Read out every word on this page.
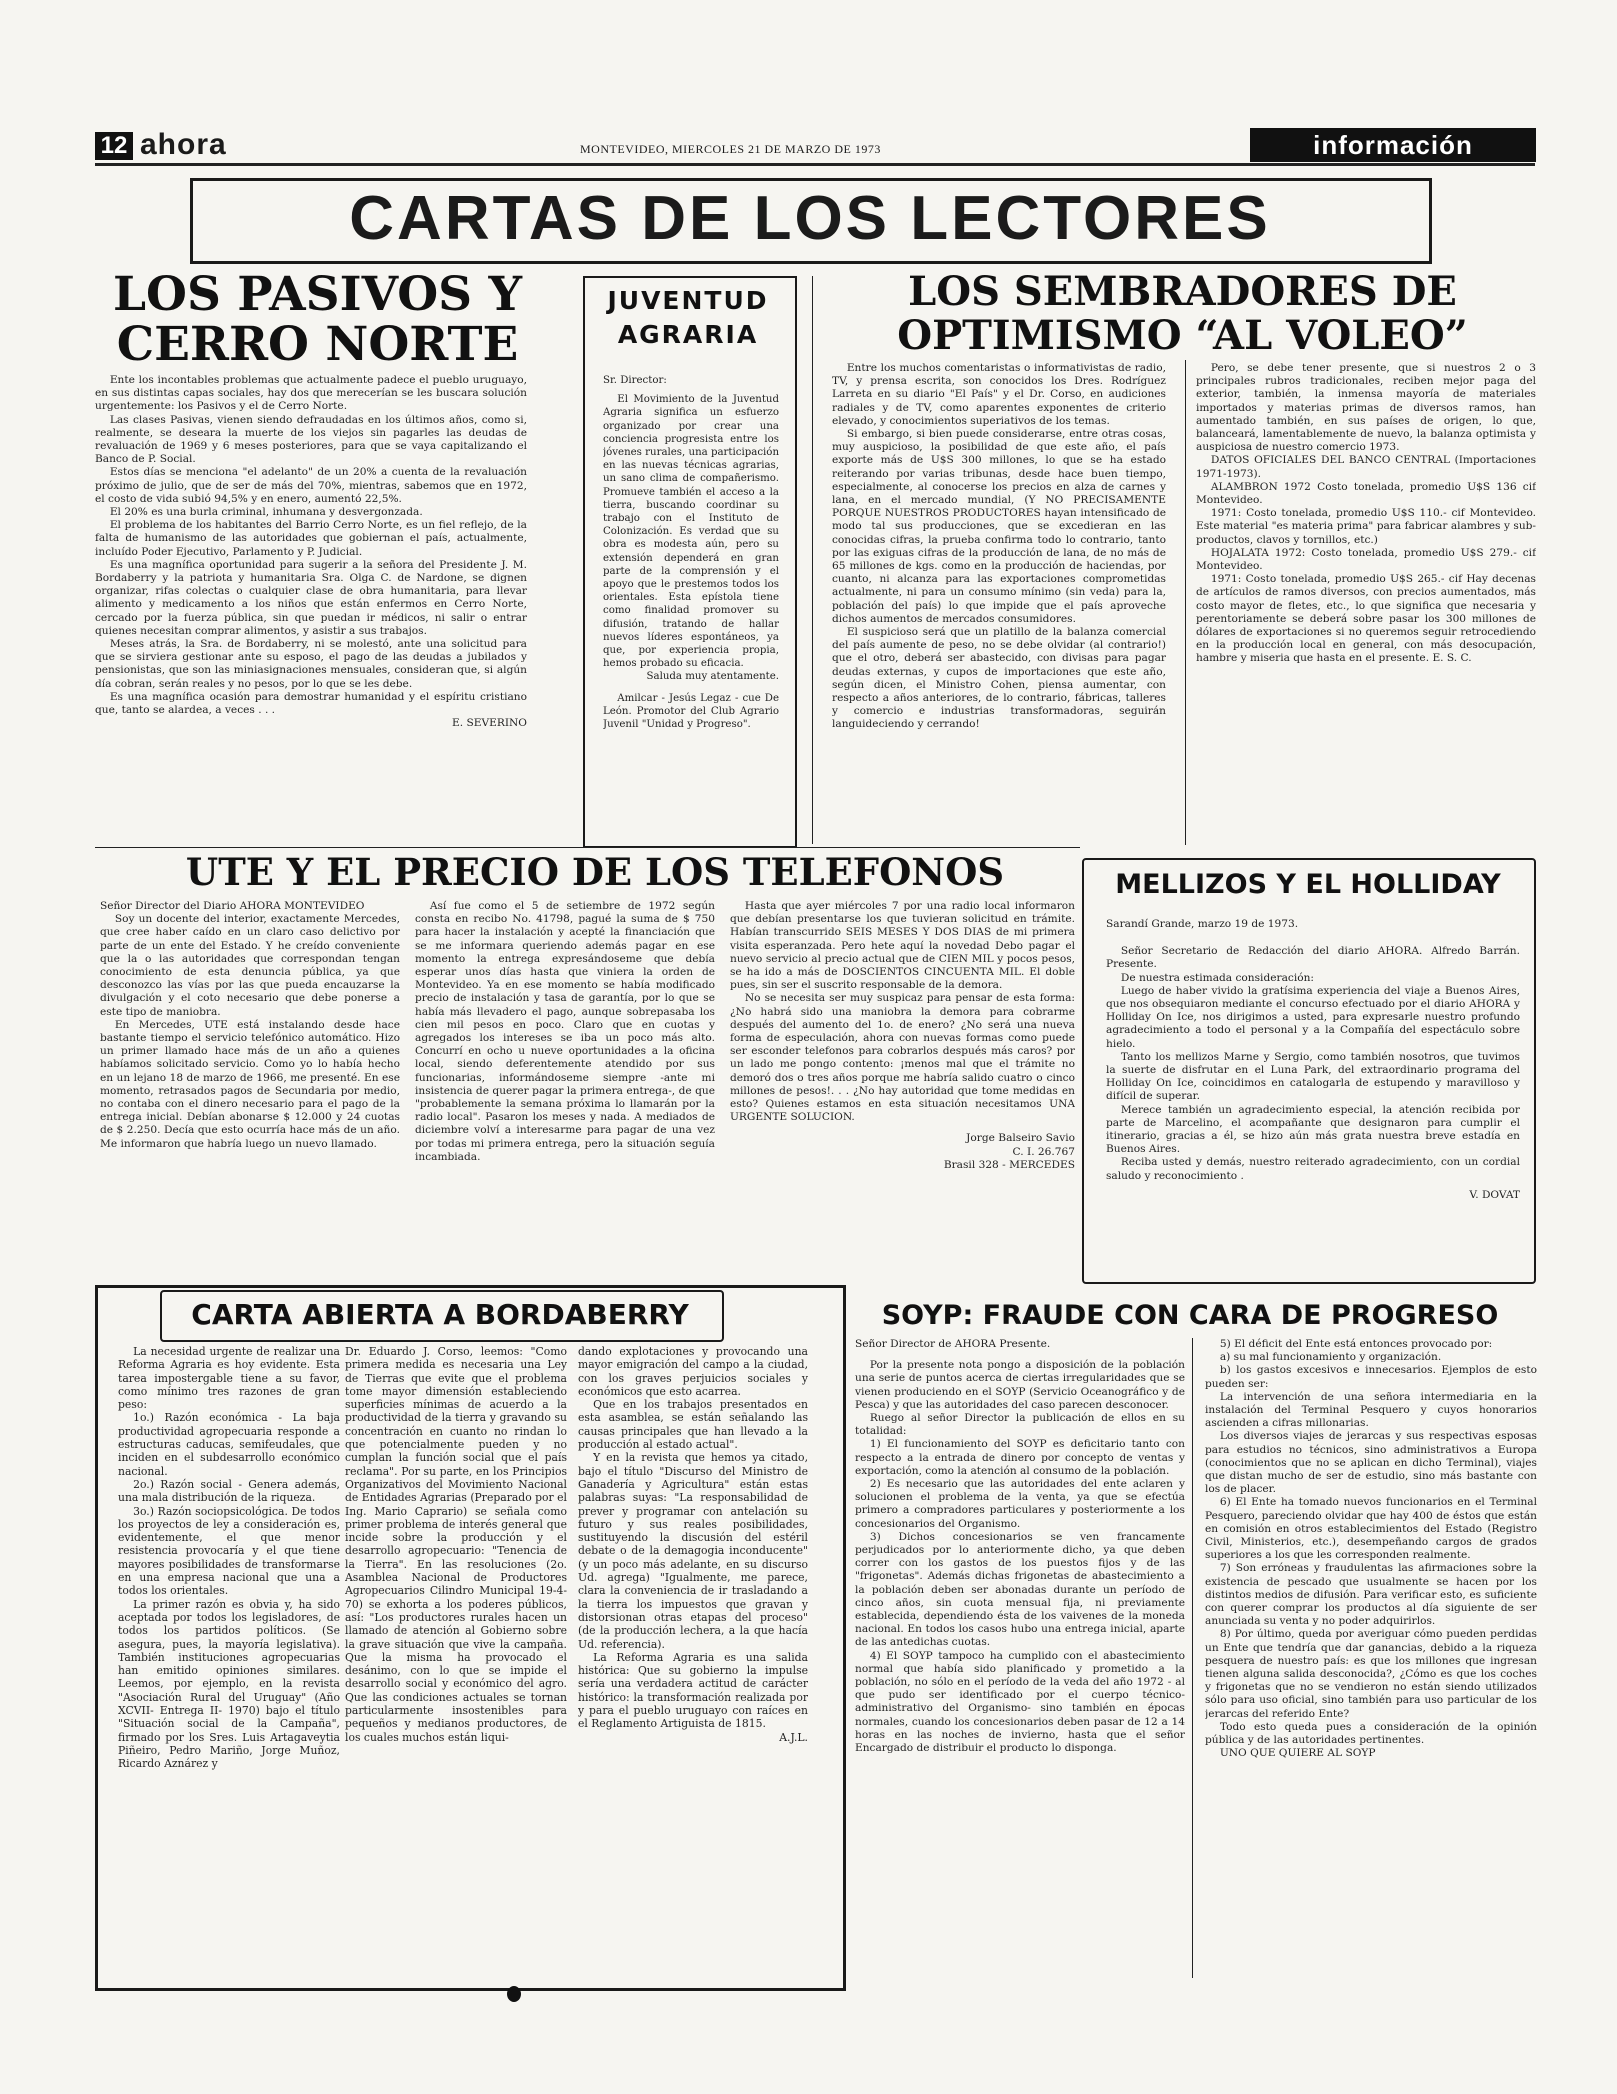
12 ahora	MONTEVIDEO, MIERCOLES 21 DE MARZO DE 1973	información
CARTAS DE LOS LECTORES
LOS PASIVOS Y CERRO NORTE

Ente los incontables problemas que actualmente padece el pueblo uruguayo, en sus distintas capas sociales, hay dos que merecerían se les buscara solución urgentemente: los Pasivos y el de Cerro Norte.

Las clases Pasivas, vienen siendo defraudadas en los últimos años, como si, realmente, se deseara la muerte de los viejos sin pagarles las deudas de revaluación de 1969 y 6 meses posteriores, para que se vaya capitalizando el Banco de P. Social.

Estos días se menciona "el adelanto" de un 20% a cuenta de la revaluación próximo de julio, que de ser de más del 70%, mientras, sabemos que en 1972, el costo de vida subió 94,5% y en enero, aumentó 22,5%.

El 20% es una burla criminal, inhumana y desvergonzada.

El problema de los habitantes del Barrio Cerro Norte, es un fiel reflejo, de la falta de humanismo de las autoridades que gobiernan el país, actualmente, incluído Poder Ejecutivo, Parlamento y P. Judicial.

Es una magnífica oportunidad para sugerir a la señora del Presidente J. M. Bordaberry y la patriota y humanitaria Sra. Olga C. de Nardone, se dignen organizar, rifas colectas o cualquier clase de obra humanitaria, para llevar alimento y medicamento a los niños que están enfermos en Cerro Norte, cercado por la fuerza pública, sin que puedan ir médicos, ni salir o entrar quienes necesitan comprar alimentos, y asistir a sus trabajos.

Meses atrás, la Sra. de Bordaberry, ni se molestó, ante una solicitud para que se sirviera gestionar ante su esposo, el pago de las deudas a jubilados y pensionistas, que son las miniasignaciones mensuales, consideran que, si algún día cobran, serán reales y no pesos, por lo que se les debe.

Es una magnífica ocasión para demostrar humanidad y el espíritu cristiano que, tanto se alardea, a veces . . .

E. SEVERINO

JUVENTUD AGRARIA

Sr. Director:

El Movimiento de la Juventud Agraria significa un esfuerzo organizado por crear una conciencia progresista entre los jóvenes rurales, una participación en las nuevas técnicas agrarias, un sano clima de compañerismo. Promueve también el acceso a la tierra, buscando coordinar su trabajo con el Instituto de Colonización. Es verdad que su obra es modesta aún, pero su extensión dependerá en gran parte de la comprensión y el apoyo que le prestemos todos los orientales. Esta epístola tiene como finalidad promover su difusión, tratando de hallar nuevos líderes espontáneos, ya que, por experiencia propia, hemos probado su eficacia.

Saluda muy atentamente.

Amilcar - Jesús Legaz - cue De León. Promotor del Club Agrario Juvenil "Unidad y Progreso".

LOS SEMBRADORES DE OPTIMISMO “AL VOLEO”

Entre los muchos comentaristas o informativistas de radio, TV, y prensa escrita, son conocidos los Dres. Rodríguez Larreta en su diario "El País" y el Dr. Corso, en audiciones radiales y de TV, como aparentes exponentes de criterio elevado, y conocimientos superiativos de los temas.

Si embargo, si bien puede considerarse, entre otras cosas, muy auspicioso, la posibilidad de que este año, el país exporte más de U$S 300 millones, lo que se ha estado reiterando por varias tribunas, desde hace buen tiempo, especialmente, al conocerse los precios en alza de carnes y lana, en el mercado mundial, (Y NO PRECISAMENTE PORQUE NUESTROS PRODUCTORES hayan intensificado de modo tal sus producciones, que se excedieran en las conocidas cifras, la prueba confirma todo lo contrario, tanto por las exiguas cifras de la producción de lana, de no más de 65 millones de kgs. como en la producción de haciendas, por cuanto, ni alcanza para las exportaciones comprometidas actualmente, ni para un consumo mínimo (sin veda) para la, población del país) lo que impide que el país aproveche dichos aumentos de mercados consumidores.

El suspicioso será que un platillo de la balanza comercial del país aumente de peso, no se debe olvidar (al contrario!) que el otro, deberá ser abastecido, con divisas para pagar deudas externas, y cupos de importaciones que este año, según dicen, el Ministro Cohen, piensa aumentar, con respecto a años anteriores, de lo contrario, fábricas, talleres y comercio e industrias transformadoras, seguirán languideciendo y cerrando!

Pero, se debe tener presente, que si nuestros 2 o 3 principales rubros tradicionales, reciben mejor paga del exterior, también, la inmensa mayoría de materiales importados y materias primas de diversos ramos, han aumentado también, en sus países de origen, lo que, balanceará, lamentablemente de nuevo, la balanza optimista y auspiciosa de nuestro comercio 1973.

DATOS OFICIALES DEL BANCO CENTRAL (Importaciones 1971-1973).

ALAMBRON 1972 Costo tonelada, promedio U$S 136 cif Montevideo.

1971: Costo tonelada, promedio U$S 110.- cif Montevideo. Este material "es materia prima" para fabricar alambres y sub-productos, clavos y tornillos, etc.)

HOJALATA 1972: Costo tonelada, promedio U$S 279.- cif Montevideo.

1971: Costo tonelada, promedio U$S 265.- cif Hay decenas de artículos de ramos diversos, con precios aumentados, más costo mayor de fletes, etc., lo que significa que necesaria y perentoriamente se deberá sobre pasar los 300 millones de dólares de exportaciones si no queremos seguir retrocediendo en la producción local en general, con más desocupación, hambre y miseria que hasta en el presente. E. S. C.

UTE Y EL PRECIO DE LOS TELEFONOS

Señor Director del Diario AHORA MONTEVIDEO

Soy un docente del interior, exactamente Mercedes, que cree haber caído en un claro caso delictivo por parte de un ente del Estado. Y he creído conveniente que la o las autoridades que correspondan tengan conocimiento de esta denuncia pública, ya que desconozco las vías por las que pueda encauzarse la divulgación y el coto necesario que debe ponerse a este tipo de maniobra.

En Mercedes, UTE está instalando desde hace bastante tiempo el servicio telefónico automático. Hizo un primer llamado hace más de un año a quienes habíamos solicitado servicio. Como yo lo había hecho en un lejano 18 de marzo de 1966, me presenté. En ese momento, retrasados pagos de Secundaria por medio, no contaba con el dinero necesario para el pago de la entrega inicial. Debían abonarse $ 12.000 y 24 cuotas de $ 2.250. Decía que esto ocurría hace más de un año. Me informaron que habría luego un nuevo llamado.

Así fue como el 5 de setiembre de 1972 según consta en recibo No. 41798, pagué la suma de $ 750 para hacer la instalación y acepté la financiación que se me informara queriendo además pagar en ese momento la entrega expresándoseme que debía esperar unos días hasta que viniera la orden de Montevideo. Ya en ese momento se había modificado precio de instalación y tasa de garantía, por lo que se había más llevadero el pago, aunque sobrepasaba los cien mil pesos en poco. Claro que en cuotas y agregados los intereses se iba un poco más alto. Concurrí en ocho u nueve oportunidades a la oficina local, siendo deferentemente atendido por sus funcionarias, informándoseme siempre -ante mi insistencia de querer pagar la primera entrega-, de que "probablemente la semana próxima lo llamarán por la radio local". Pasaron los meses y nada. A mediados de diciembre volví a interesarme para pagar de una vez por todas mi primera entrega, pero la situación seguía incambiada.

Hasta que ayer miércoles 7 por una radio local informaron que debían presentarse los que tuvieran solicitud en trámite. Habían transcurrido SEIS MESES Y DOS DIAS de mi primera visita esperanzada. Pero hete aquí la novedad Debo pagar el nuevo servicio al precio actual que de CIEN MIL y pocos pesos, se ha ido a más de DOSCIENTOS CINCUENTA MIL. El doble pues, sin ser el suscrito responsable de la demora.

No se necesita ser muy suspicaz para pensar de esta forma: ¿No habrá sido una maniobra la demora para cobrarme después del aumento del 1o. de enero? ¿No será una nueva forma de especulación, ahora con nuevas formas como puede ser esconder telefonos para cobrarlos después más caros? por un lado me pongo contento: ¡menos mal que el trámite no demoró dos o tres años porque me habría salido cuatro o cinco millones de pesos!. . . ¿No hay autoridad que tome medidas en esto? Quienes estamos en esta situación necesitamos UNA URGENTE SOLUCION.

Jorge Balseiro Savio

C. I. 26.767

Brasil 328 - MERCEDES

MELLIZOS Y EL HOLLIDAY

Sarandí Grande, marzo 19 de 1973.

Señor Secretario de Redacción del diario AHORA. Alfredo Barrán. Presente.

De nuestra estimada consideración:

Luego de haber vivido la gratísima experiencia del viaje a Buenos Aires, que nos obsequiaron mediante el concurso efectuado por el diario AHORA y Holliday On Ice, nos dirigimos a usted, para expresarle nuestro profundo agradecimiento a todo el personal y a la Compañía del espectáculo sobre hielo.

Tanto los mellizos Marne y Sergio, como también nosotros, que tuvimos la suerte de disfrutar en el Luna Park, del extraordinario programa del Holliday On Ice, coincidimos en catalogarla de estupendo y maravilloso y difícil de superar.

Merece también un agradecimiento especial, la atención recibida por parte de Marcelino, el acompañante que designaron para cumplir el itinerario, gracias a él, se hizo aún más grata nuestra breve estadía en Buenos Aires.

Reciba usted y demás, nuestro reiterado agradecimiento, con un cordial saludo y reconocimiento .

V. DOVAT

CARTA ABIERTA A BORDABERRY

La necesidad urgente de realizar una Reforma Agraria es hoy evidente. Esta tarea impostergable tiene a su favor, como mínimo tres razones de gran peso:

1o.) Razón económica - La baja productividad agropecuaria responde a estructuras caducas, semifeudales, que inciden en el subdesarrollo económico nacional.

2o.) Razón social - Genera además, una mala distribución de la riqueza.

3o.) Razón sociopsicológica. De todos los proyectos de ley a consideración es, evidentemente, el que menor resistencia provocaría y el que tiene mayores posibilidades de transformarse en una empresa nacional que una a todos los orientales.

La primer razón es obvia y, ha sido aceptada por todos los legisladores, de todos los partidos políticos. (Se asegura, pues, la mayoría legislativa). También instituciones agropecuarias han emitido opiniones similares. Leemos, por ejemplo, en la revista "Asociación Rural del Uruguay" (Año XCVII- Entrega II- 1970) bajo el título "Situación social de la Campaña", firmado por los Sres. Luis Artagaveytia Piñeiro, Pedro Mariño, Jorge Muñoz, Ricardo Aznárez y

Dr. Eduardo J. Corso, leemos: "Como primera medida es necesaria una Ley de Tierras que evite que el problema tome mayor dimensión estableciendo superficies mínimas de acuerdo a la productividad de la tierra y gravando su concentración en cuanto no rindan lo que potencialmente pueden y no cumplan la función social que el país reclama". Por su parte, en los Principios Organizativos del Movimiento Nacional de Entidades Agrarias (Preparado por el Ing. Mario Caprario) se señala como primer problema de interés general que incide sobre la producción y el desarrollo agropecuario: "Tenencia de la Tierra". En las resoluciones (2o. Asamblea Nacional de Productores Agropecuarios Cilindro Municipal 19-4-70) se exhorta a los poderes públicos, así: "Los productores rurales hacen un llamado de atención al Gobierno sobre la grave situación que vive la campaña. Que la misma ha provocado el desánimo, con lo que se impide el desarrollo social y económico del agro. Que las condiciones actuales se tornan particularmente insostenibles para pequeños y medianos productores, de los cuales muchos están liqui-

dando explotaciones y provocando una mayor emigración del campo a la ciudad, con los graves perjuicios sociales y económicos que esto acarrea.

Que en los trabajos presentados en esta asamblea, se están señalando las causas principales que han llevado a la producción al estado actual".

Y en la revista que hemos ya citado, bajo el título "Discurso del Ministro de Ganadería y Agricultura" están estas palabras suyas: "La responsabilidad de prever y programar con antelación su futuro y sus reales posibilidades, sustituyendo la discusión del estéril debate o de la demagogia inconducente" (y un poco más adelante, en su discurso Ud. agrega) "Igualmente, me parece, clara la conveniencia de ir trasladando a la tierra los impuestos que gravan y distorsionan otras etapas del proceso" (de la producción lechera, a la que hacía Ud. referencia).

La Reforma Agraria es una salida histórica: Que su gobierno la impulse sería una verdadera actitud de carácter histórico: la transformación realizada por y para el pueblo uruguayo con raíces en el Reglamento Artiguista de 1815.

A.J.L.

SOYP: FRAUDE CON CARA DE PROGRESO

Señor Director de AHORA Presente.

Por la presente nota pongo a disposición de la población una serie de puntos acerca de ciertas irregularidades que se vienen produciendo en el SOYP (Servicio Oceanográfico y de Pesca) y que las autoridades del caso parecen desconocer.

Ruego al señor Director la publicación de ellos en su totalidad:

1) El funcionamiento del SOYP es deficitario tanto con respecto a la entrada de dinero por concepto de ventas y exportación, como la atención al consumo de la población.

2) Es necesario que las autoridades del ente aclaren y solucionen el problema de la venta, ya que se efectúa primero a compradores particulares y posteriormente a los concesionarios del Organismo.

3) Dichos concesionarios se ven francamente perjudicados por lo anteriormente dicho, ya que deben correr con los gastos de los puestos fijos y de las "frigonetas". Además dichas frigonetas de abastecimiento a la población deben ser abonadas durante un período de cinco años, sin cuota mensual fija, ni previamente establecida, dependiendo ésta de los vaivenes de la moneda nacional. En todos los casos hubo una entrega inicial, aparte de las antedichas cuotas.

4) El SOYP tampoco ha cumplido con el abastecimiento normal que había sido planificado y prometido a la población, no sólo en el período de la veda del año 1972 - al que pudo ser identificado por el cuerpo técnico-administrativo del Organismo- sino también en épocas normales, cuando los concesionarios deben pasar de 12 a 14 horas en las noches de invierno, hasta que el señor Encargado de distribuir el producto lo disponga.

5) El déficit del Ente está entonces provocado por:

a) su mal funcionamiento y organización.

b) los gastos excesivos e innecesarios. Ejemplos de esto pueden ser:

La intervención de una señora intermediaria en la instalación del Terminal Pesquero y cuyos honorarios ascienden a cifras millonarias.

Los diversos viajes de jerarcas y sus respectivas esposas para estudios no técnicos, sino administrativos a Europa (conocimientos que no se aplican en dicho Terminal), viajes que distan mucho de ser de estudio, sino más bastante con los de placer.

6) El Ente ha tomado nuevos funcionarios en el Terminal Pesquero, pareciendo olvidar que hay 400 de éstos que están en comisión en otros establecimientos del Estado (Registro Civil, Ministerios, etc.), desempeñando cargos de grados superiores a los que les corresponden realmente.

7) Son erróneas y fraudulentas las afirmaciones sobre la existencia de pescado que usualmente se hacen por los distintos medios de difusión. Para verificar esto, es suficiente con querer comprar los productos al día siguiente de ser anunciada su venta y no poder adquirirlos.

8) Por último, queda por averiguar cómo pueden perdidas un Ente que tendría que dar ganancias, debido a la riqueza pesquera de nuestro país: es que los millones que ingresan tienen alguna salida desconocida?, ¿Cómo es que los coches y frigonetas que no se vendieron no están siendo utilizados sólo para uso oficial, sino también para uso particular de los jerarcas del referido Ente?

Todo esto queda pues a consideración de la opinión pública y de las autoridades pertinentes.

UNO QUE QUIERE AL SOYP
